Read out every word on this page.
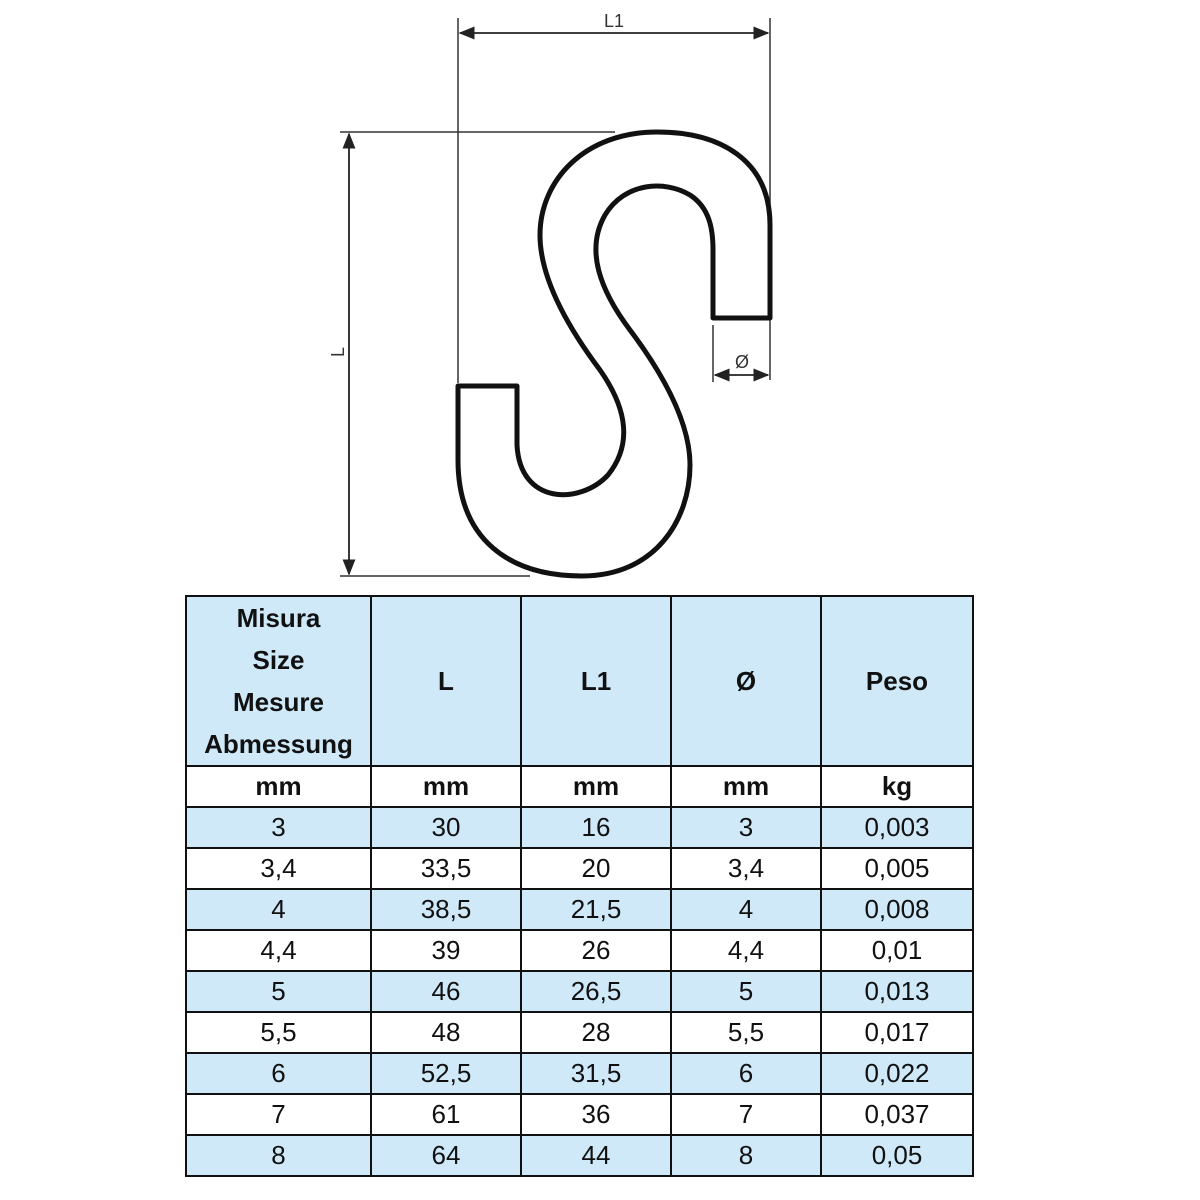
L1
L	Ø
Misura
Size
Mesure
Abmessung	L	L1	Ø	Peso
mm	mm	mm	mm	kg
3	30	16	3	0,003
3,4	33,5	20	3,4	0,005
4	38,5	21,5	4	0,008
4,4	39	26	4,4	0,01
5	46	26,5	5	0,013
5,5	48	28	5,5	0,017
6	52,5	31,5	6	0,022
7	61	36	7	0,037
8	64	44	8	0,05
